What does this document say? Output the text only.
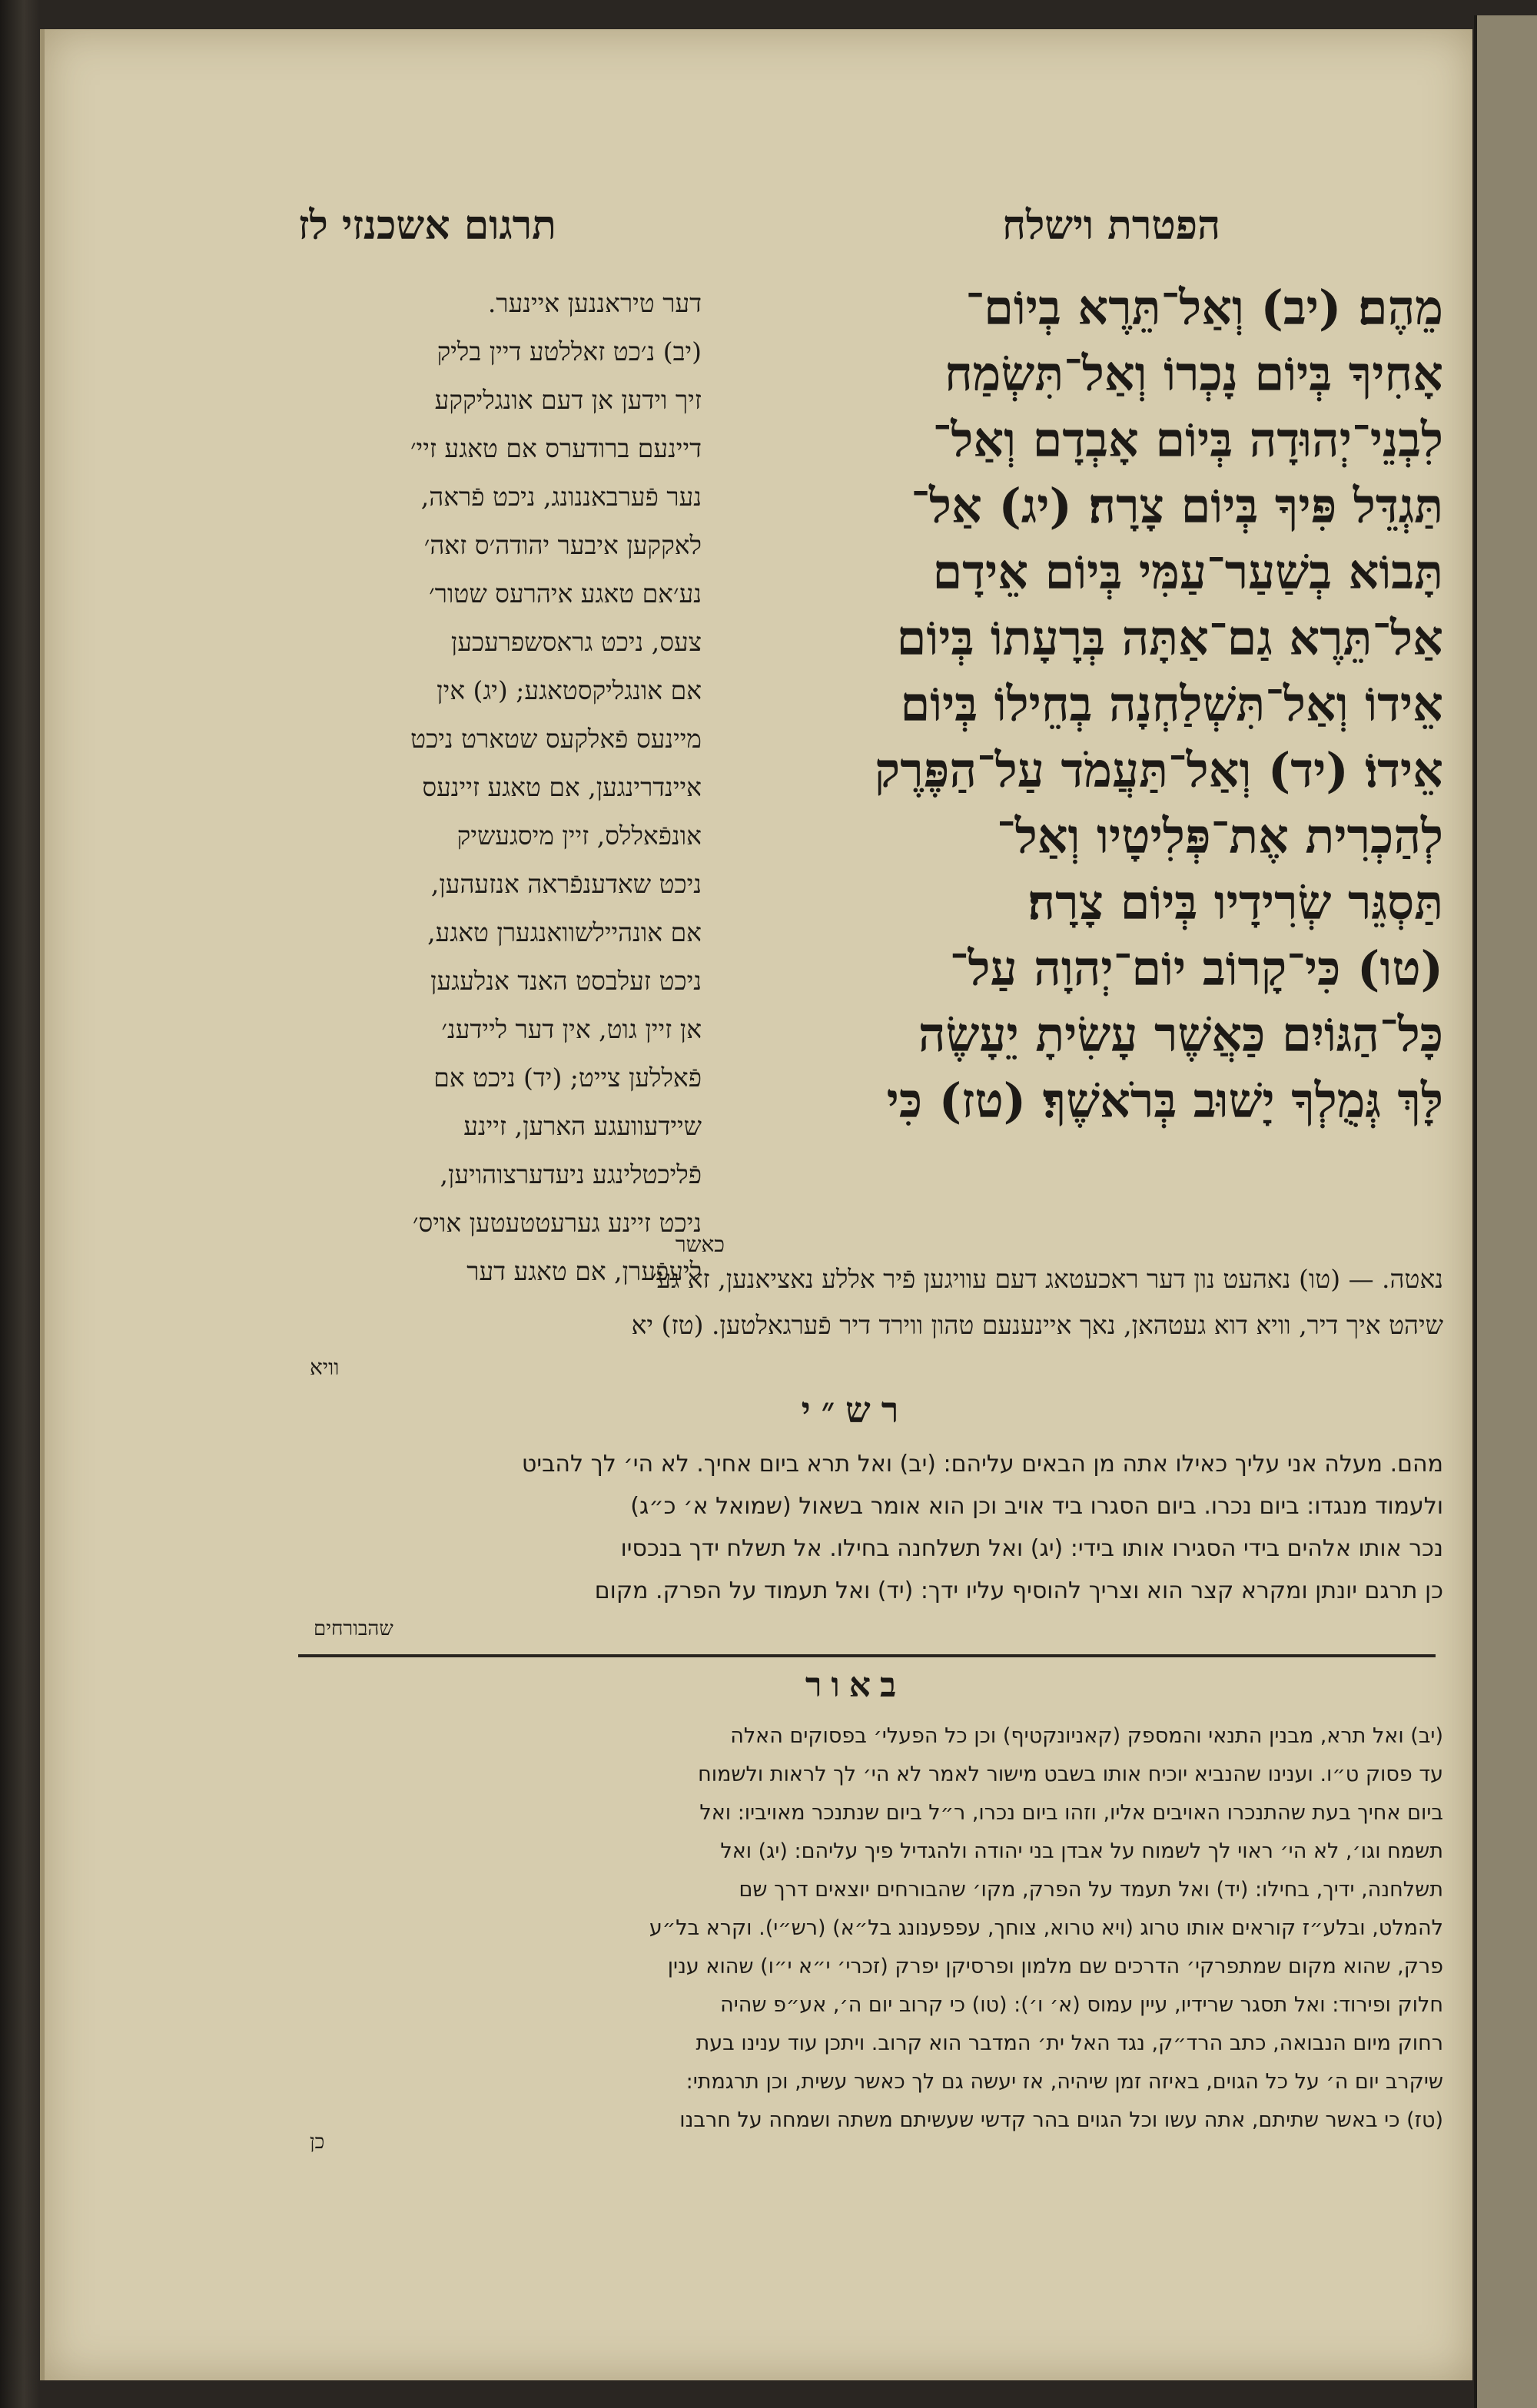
הפטרת וישלח
תרגום אשכנזי לז
מֵהֶם׃ (יב) וְאַל־תֵּרֶא בְיוֹם־
אָחִיךָ בְּיוֹם נָכְרוֹ וְאַל־תִּשְׂמַח
לִבְנֵי־יְהוּדָה בְּיוֹם אָבְדָם וְאַל־
תַּגְדֵּל פִּיךָ בְּיוֹם צָרָה׃ (יג) אַל־
תָּבוֹא בְשַׁעַר־עַמִּי בְּיוֹם אֵידָם
אַל־תֵּרֶא גַם־אַתָּה בְּרָעָתוֹ בְּיוֹם
אֵידוֹ וְאַל־תִּשְׁלַחְנָה בְחֵילוֹ בְּיוֹם
אֵידוֹ׃ (יד) וְאַל־תַּעֲמֹד עַל־הַפֶּרֶק
לְהַכְרִית אֶת־פְּלִיטָיו וְאַל־
תַּסְגֵּר שְׂרִידָיו בְּיוֹם צָרָה׃
(טו) כִּי־קָרוֹב יוֹם־יְהוָה עַל־
כָּל־הַגּוֹיִם כַּאֲשֶׁר עָשִׂיתָ יֵעָשֶׂה
לָּךְ גְּמֻלְךָ יָשׁוּב בְּרֹאשֶׁךָ׃ (טז) כִּי
כאשר
דער טיראננען איינער.
(יב) נ׳כט זאללטע דיין בליק
זיך וידען אן דעם אונגליקקע
דיינעם ברודערס אם טאגע זיי׳
נער פֿערבאננונג, ניכט פֿראה,
לאקקען איבער יהודה׳ס זאה׳
נע׳אם טאגע איהרעס שטור׳
צעס, ניכט גראסשפרעכען
אם אונגליקסטאגע; (יג) אין
מיינעס פֿאלקעס שטארט ניכט
איינדרינגען, אם טאגע זיינעס
אונפֿאללס, זיין מיסגעשיק
ניכט שאדענפֿראה אנזעהען,
אם אונהיילשוואנגערן טאגע,
ניכט זעלבסט האנד אנלעגען
אן זיין גוט, אין דער ליידענ׳
פֿאללען צייט; (יד) ניכט אם
שיידעוועגע הארען, זיינע
פֿליכטלינגע ניעדערצוהויען,
ניכט זיינע גערעטטעטען אויס׳
ליעפֿערן, אם טאגע דער
נאטה. — (טו) נאהעט נון דער ראכעטאג דעם עוויגען פֿיר אללע נאציאנען, זא גע׳
שיהט איך דיר, וויא דוא געטהאן, נאך איינענעם טהון ווירד דיר פֿערגאלטען. (טז) יא
וויא
רש״י
מהם. מעלה אני עליך כאילו אתה מן הבאים עליהם: (יב) ואל תרא ביום אחיך. לא הי׳ לך להביט
ולעמוד מנגדו: ביום נכרו. ביום הסגרו ביד אויב וכן הוא אומר בשאול (שמואל א׳ כ״ג)
נכר אותו אלהים בידי הסגירו אותו בידי: (יג) ואל תשלחנה בחילו. אל תשלח ידך בנכסיו
כן תרגם יונתן ומקרא קצר הוא וצריך להוסיף עליו ידך: (יד) ואל תעמוד על הפרק. מקום
שהבורחים
באור
(יב) ואל תרא, מבנין התנאי והמספק (קאניונקטיף) וכן כל הפעלי׳ בפסוקים האלה
עד פסוק ט״ו. וענינו שהנביא יוכיח אותו בשבט מישור לאמר לא הי׳ לך לראות ולשמוח
ביום אחיך בעת שהתנכרו האויבים אליו, וזהו ביום נכרו, ר״ל ביום שנתנכר מאויביו: ואל
תשמח וגו׳, לא הי׳ ראוי לך לשמוח על אבדן בני יהודה ולהגדיל פיך עליהם: (יג) ואל
תשלחנה, ידיך, בחילו: (יד) ואל תעמד על הפרק, מקו׳ שהבורחים יוצאים דרך שם
להמלט, ובלע״ז קוראים אותו טרוג (ויא טרוא, צוחך, עפפענונג בל״א) (רש״י). וקרא בל״ע
פרק, שהוא מקום שמתפרקי׳ הדרכים שם מלמון ופרסיקן יפרק (זכרי׳ י״א י״ו) שהוא ענין
חלוק ופירוד: ואל תסגר שרידיו, עיין עמוס (א׳ ו׳): (טו) כי קרוב יום ה׳, אע״פ שהיה
רחוק מיום הנבואה, כתב הרד״ק, נגד האל ית׳ המדבר הוא קרוב. ויתכן עוד ענינו בעת
שיקרב יום ה׳ על כל הגוים, באיזה זמן שיהיה, אז יעשה גם לך כאשר עשית, וכן תרגמתי:
(טז) כי באשר שתיתם, אתה עשו וכל הגוים בהר קדשי שעשיתם משתה ושמחה על חרבנו
כן
